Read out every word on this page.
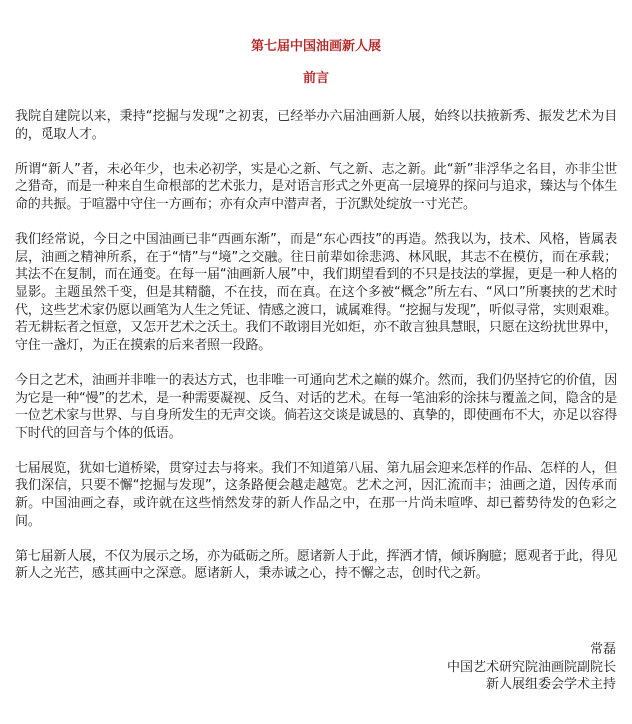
第七届中国油画新人展
前言

我院自建院以来，秉持“挖掘与发现”之初衷，已经举办六届油画新人展，始终以扶掖新秀、振发艺术为目的，觅取人才。

所谓“新人”者，未必年少，也未必初学，实是心之新、气之新、志之新。此“新”非浮华之名目，亦非尘世之猎奇，而是一种来自生命根部的艺术张力，是对语言形式之外更高一层境界的探问与追求，臻达与个体生命的共振。于喧嚣中守住一方画布；亦有众声中潜声者，于沉默处绽放一寸光芒。

我们经常说，今日之中国油画已非“西画东渐”，而是“东心西技”的再造。然我以为，技术、风格，皆属表层，油画之精神所系，在于“情”与“境”之交融。往日前辈如徐悲鸿、林风眠，其志不在模仿，而在承载；其法不在复制，而在通变。在每一届“油画新人展”中，我们期望看到的不只是技法的掌握，更是一种人格的显影。主题虽然千变，但是其精髓，不在技，而在真。在这个多被“概念”所左右、“风口”所裹挟的艺术时代，这些艺术家仍愿以画笔为人生之凭证、情感之渡口，诚属难得。“挖掘与发现”，听似寻常，实则艰难。若无耕耘者之恒意，又怎开艺术之沃土。我们不敢诩目光如炬，亦不敢言独具慧眼，只愿在这纷扰世界中，守住一盏灯，为正在摸索的后来者照一段路。

今日之艺术，油画并非唯一的表达方式，也非唯一可通向艺术之巅的媒介。然而，我们仍坚持它的价值，因为它是一种“慢”的艺术，是一种需要凝视、反刍、对话的艺术。在每一笔油彩的涂抹与覆盖之间，隐含的是一位艺术家与世界、与自身所发生的无声交谈。倘若这交谈是诚恳的、真挚的，即使画布不大，亦足以容得下时代的回音与个体的低语。

七届展览，犹如七道桥梁，贯穿过去与将来。我们不知道第八届、第九届会迎来怎样的作品、怎样的人，但我们深信，只要不懈“挖掘与发现”，这条路便会越走越宽。艺术之河，因汇流而丰；油画之道，因传承而新。中国油画之春，或许就在这些悄然发芽的新人作品之中，在那一片尚未喧哗、却已蓄势待发的色彩之间。

第七届新人展，不仅为展示之场，亦为砥砺之所。愿诸新人于此，挥洒才情，倾诉胸臆；愿观者于此，得见新人之光芒，感其画中之深意。愿诸新人，秉赤诚之心，持不懈之志，创时代之新。

常磊
中国艺术研究院油画院副院长
新人展组委会学术主持
